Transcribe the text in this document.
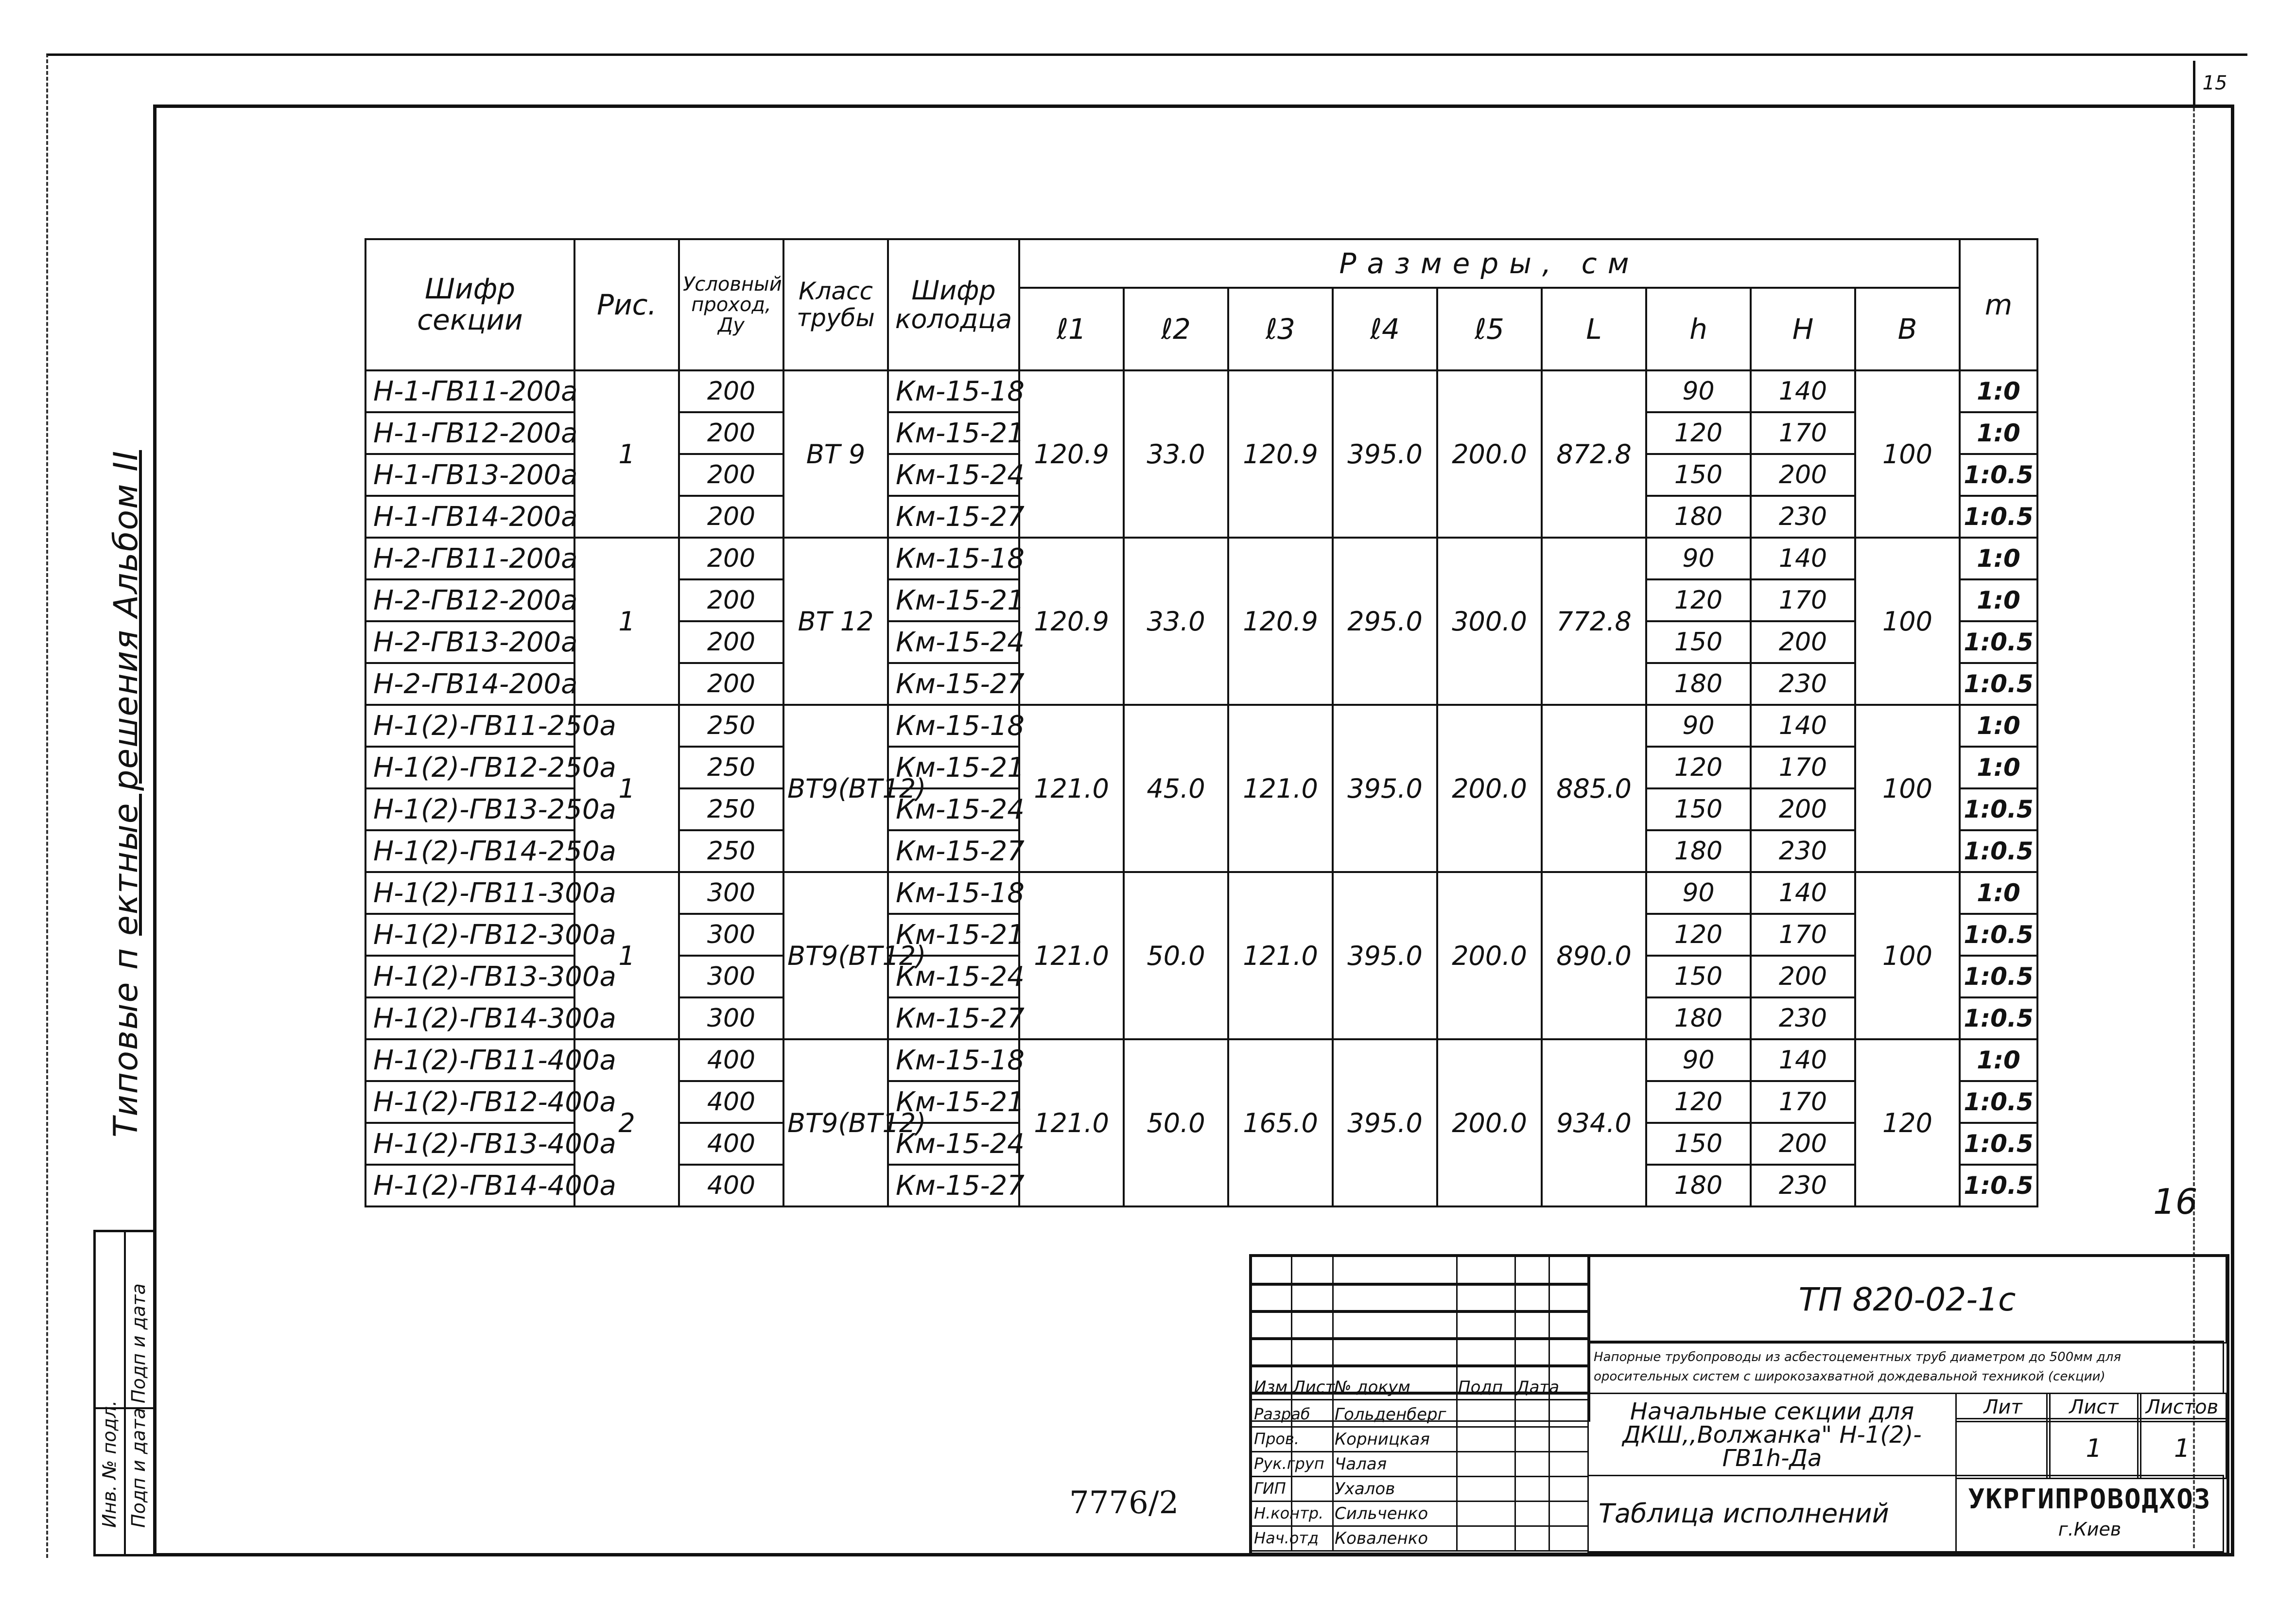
15
Типовые п ектные решения Альбом II
Инв. № подл. Подп и дата
Подп и дата
Шифр секции	Рис.	Условный проход, Ду	Класс трубы	Шифр колодца	Размеры, см									m
					ℓ1	ℓ2	ℓ3	ℓ4	ℓ5	L	h	H	B	
Н-1-ГВ11-200а	1	200	ВТ 9	Км-15-18	120.9	33.0	120.9	395.0	200.0	872.8	90	140	100	1:0
Н-1-ГВ12-200а		200		Км-15-21							120	170		1:0
Н-1-ГВ13-200а		200		Км-15-24							150	200		1:0.5
Н-1-ГВ14-200а		200		Км-15-27							180	230		1:0.5
Н-2-ГВ11-200а	1	200	ВТ 12	Км-15-18	120.9	33.0	120.9	295.0	300.0	772.8	90	140	100	1:0
Н-2-ГВ12-200а		200		Км-15-21							120	170		1:0
Н-2-ГВ13-200а		200		Км-15-24							150	200		1:0.5
Н-2-ГВ14-200а		200		Км-15-27							180	230		1:0.5
Н-1(2)-ГВ11-250а	1	250	ВТ9(ВТ12)	Км-15-18	121.0	45.0	121.0	395.0	200.0	885.0	90	140	100	1:0
Н-1(2)-ГВ12-250а		250		Км-15-21							120	170		1:0
Н-1(2)-ГВ13-250а		250		Км-15-24							150	200		1:0.5
Н-1(2)-ГВ14-250а		250		Км-15-27							180	230		1:0.5
Н-1(2)-ГВ11-300а	1	300	ВТ9(ВТ12)	Км-15-18	121.0	50.0	121.0	395.0	200.0	890.0	90	140	100	1:0
Н-1(2)-ГВ12-300а		300		Км-15-21							120	170		1:0.5
Н-1(2)-ГВ13-300а		300		Км-15-24							150	200		1:0.5
Н-1(2)-ГВ14-300а		300		Км-15-27							180	230		1:0.5
Н-1(2)-ГВ11-400а	2	400	ВТ9(ВТ12)	Км-15-18	121.0	50.0	165.0	395.0	200.0	934.0	90	140	120	1:0
Н-1(2)-ГВ12-400а		400		Км-15-21							120	170		1:0.5
Н-1(2)-ГВ13-400а		400		Км-15-24							150	200		1:0.5
Н-1(2)-ГВ14-400а		400		Км-15-27							180	230		1:0.5	16
7776/2
Изм Лист
№ докум	Подп Дата
Разраб Гольденберг
Пров. Корницкая
Рук.груп Чалая
ГИП	Ухалов
Н.контр. Сильченко
Нач.отд Коваленко
ТП 820-02-1с
Напорные трубопроводы из асбестоцементных труб диаметром до 500мм для оросительных систем с широкозахватной дождевальной техникой (секции)
Начальные секции для ДКШ,,Волжанка" Н-1(2)-ГВ1h-Да
Таблица исполнений
Лит	Лист	Листов
1	1
УКРГИПРОВОДХОЗ
г.Киев
